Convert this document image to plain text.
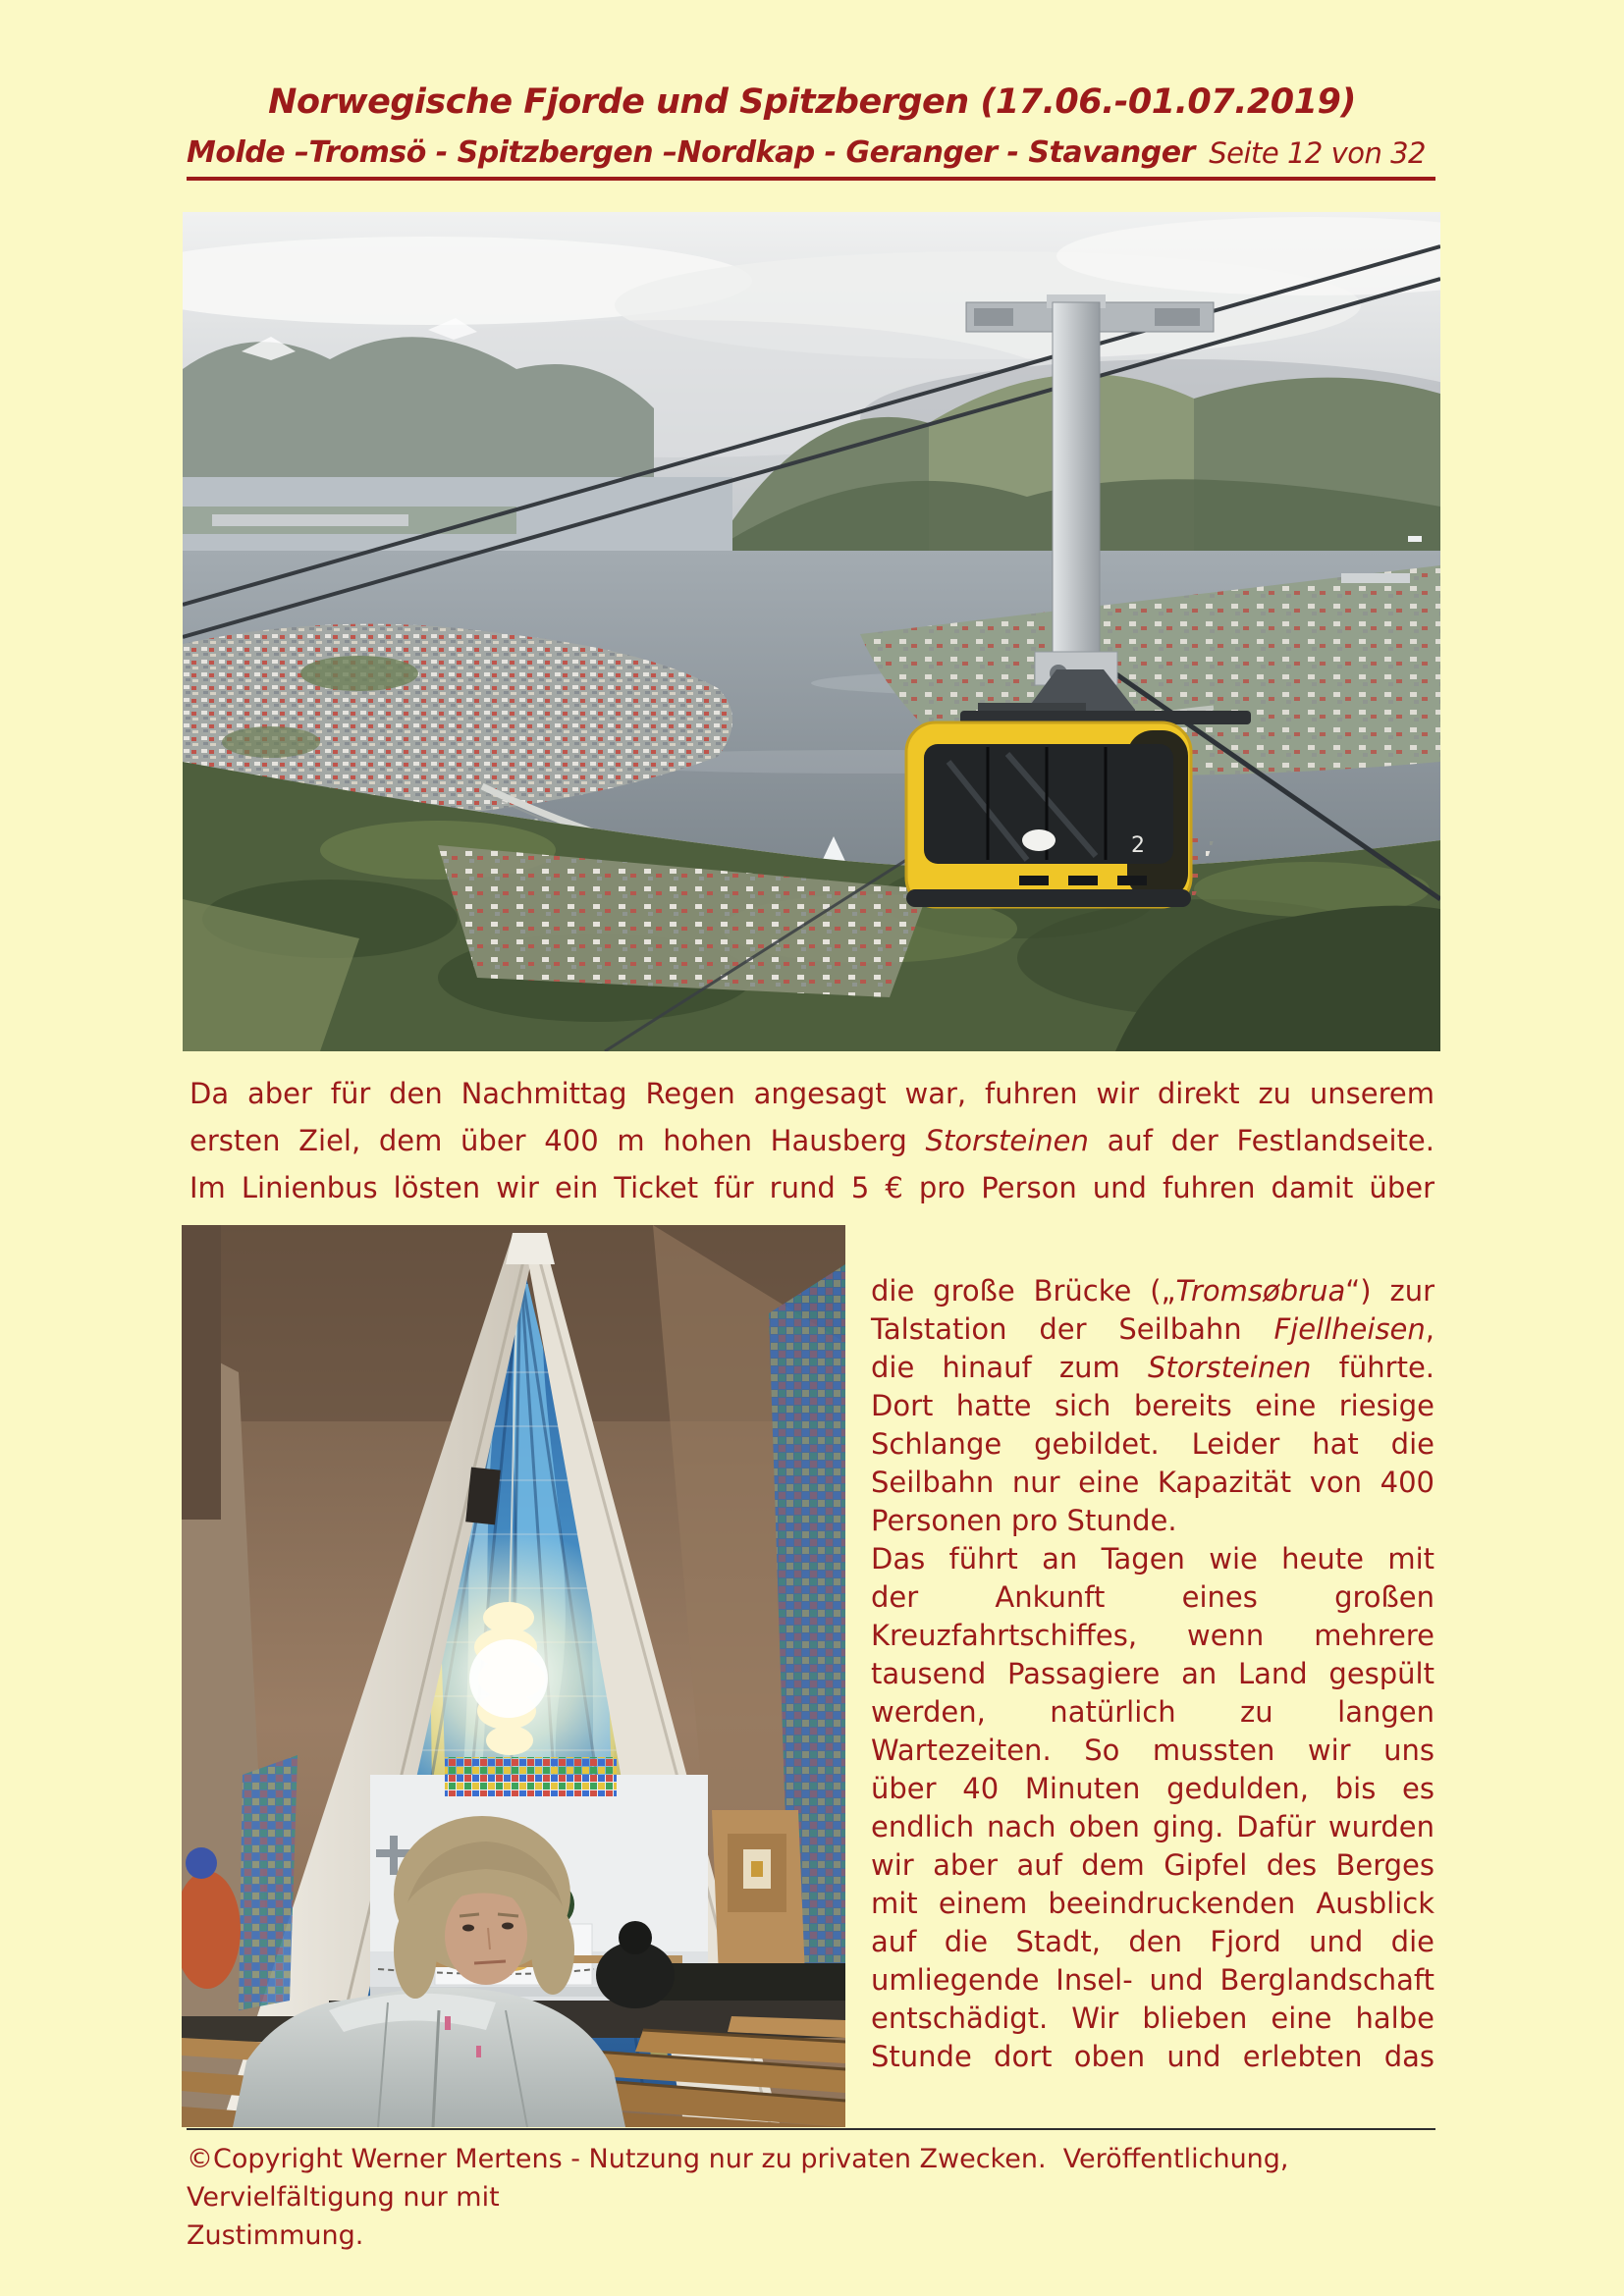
Norwegische Fjorde und Spitzbergen (17.06.-01.07.2019)
Molde –Tromsö - Spitzbergen –Nordkap - Geranger - Stavanger Seite 12 von 32
2
Da aber für den Nachmittag Regen angesagt war, fuhren wir direkt zu unserem
ersten Ziel, dem über 400 m hohen Hausberg Storsteinen auf der Festlandseite.
Im Linienbus lösten wir ein Ticket für rund 5 € pro Person und fuhren damit über
die große Brücke („Tromsøbrua“) zur
Talstation der Seilbahn Fjellheisen,
die hinauf zum Storsteinen führte.
Dort hatte sich bereits eine riesige
Schlange gebildet. Leider hat die
Seilbahn nur eine Kapazität von 400
Personen pro Stunde.
Das führt an Tagen wie heute mit
der Ankunft eines großen
Kreuzfahrtschiffes, wenn mehrere
tausend Passagiere an Land gespült
werden, natürlich zu langen
Wartezeiten. So mussten wir uns
über 40 Minuten gedulden, bis es
endlich nach oben ging. Dafür wurden
wir aber auf dem Gipfel des Berges
mit einem beeindruckenden Ausblick
auf die Stadt, den Fjord und die
umliegende Insel- und Berglandschaft
entschädigt. Wir blieben eine halbe
Stunde dort oben und erlebten das
©Copyright Werner Mertens - Nutzung nur zu privaten Zwecken.  Veröffentlichung, Vervielfältigung nur mit
Zustimmung.
